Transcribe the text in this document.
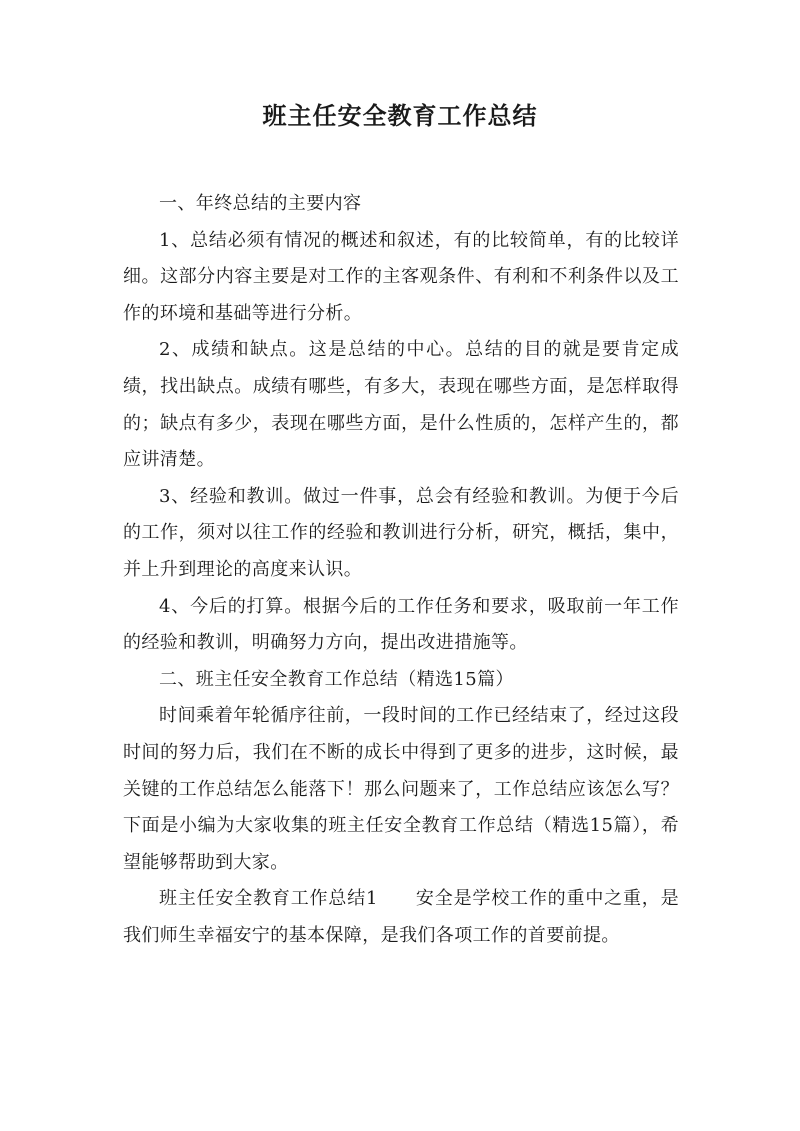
班主任安全教育工作总结

一、年终总结的主要内容

1、总结必须有情况的概述和叙述，有的比较简单，有的比较详细。这部分内容主要是对工作的主客观条件、有利和不利条件以及工作的环境和基础等进行分析。

2、成绩和缺点。这是总结的中心。总结的目的就是要肯定成绩，找出缺点。成绩有哪些，有多大，表现在哪些方面，是怎样取得的；缺点有多少，表现在哪些方面，是什么性质的，怎样产生的，都应讲清楚。

3、经验和教训。做过一件事，总会有经验和教训。为便于今后的工作，须对以往工作的经验和教训进行分析，研究，概括，集中，并上升到理论的高度来认识。

4、今后的打算。根据今后的工作任务和要求，吸取前一年工作的经验和教训，明确努力方向，提出改进措施等。

二、班主任安全教育工作总结（精选15篇）

时间乘着年轮循序往前，一段时间的工作已经结束了，经过这段时间的努力后，我们在不断的成长中得到了更多的进步，这时候，最关键的工作总结怎么能落下！那么问题来了，工作总结应该怎么写？下面是小编为大家收集的班主任安全教育工作总结（精选15篇），希望能够帮助到大家。

班主任安全教育工作总结1　　安全是学校工作的重中之重，是我们师生幸福安宁的基本保障，是我们各项工作的首要前提。
